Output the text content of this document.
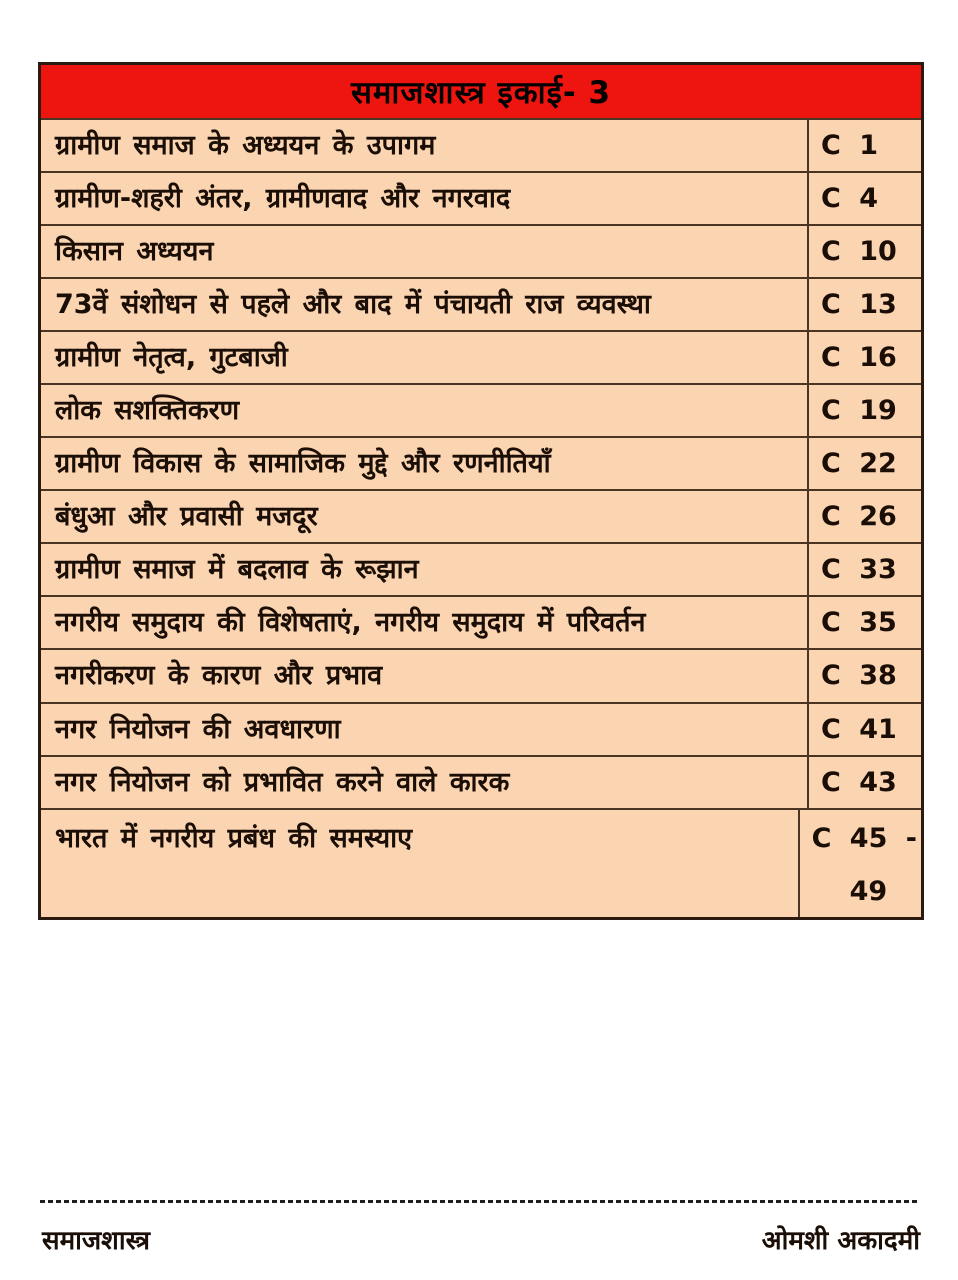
समाजशास्त्र इकाई- 3
ग्रामीण समाज के अध्ययन के उपागम	C 1
ग्रामीण-शहरी अंतर, ग्रामीणवाद और नगरवाद	C 4
किसान अध्ययन	C 10
73वें संशोधन से पहले और बाद में पंचायती राज व्यवस्था	C 13
ग्रामीण नेतृत्व, गुटबाजी	C 16
लोक सशक्तिकरण	C 19
ग्रामीण विकास के सामाजिक मुद्दे और रणनीतियाँ	C 22
बंधुआ और प्रवासी मजदूर	C 26
ग्रामीण समाज में बदलाव के रूझान	C 33
नगरीय समुदाय की विशेषताएं, नगरीय समुदाय में परिवर्तन	C 35
नगरीकरण के कारण और प्रभाव	C 38
नगर नियोजन की अवधारणा	C 41
नगर नियोजन को प्रभावित करने वाले कारक	C 43
भारत में नगरीय प्रबंध की समस्याए	C 45 -
49
समाजशास्त्र	ओमशी अकादमी
